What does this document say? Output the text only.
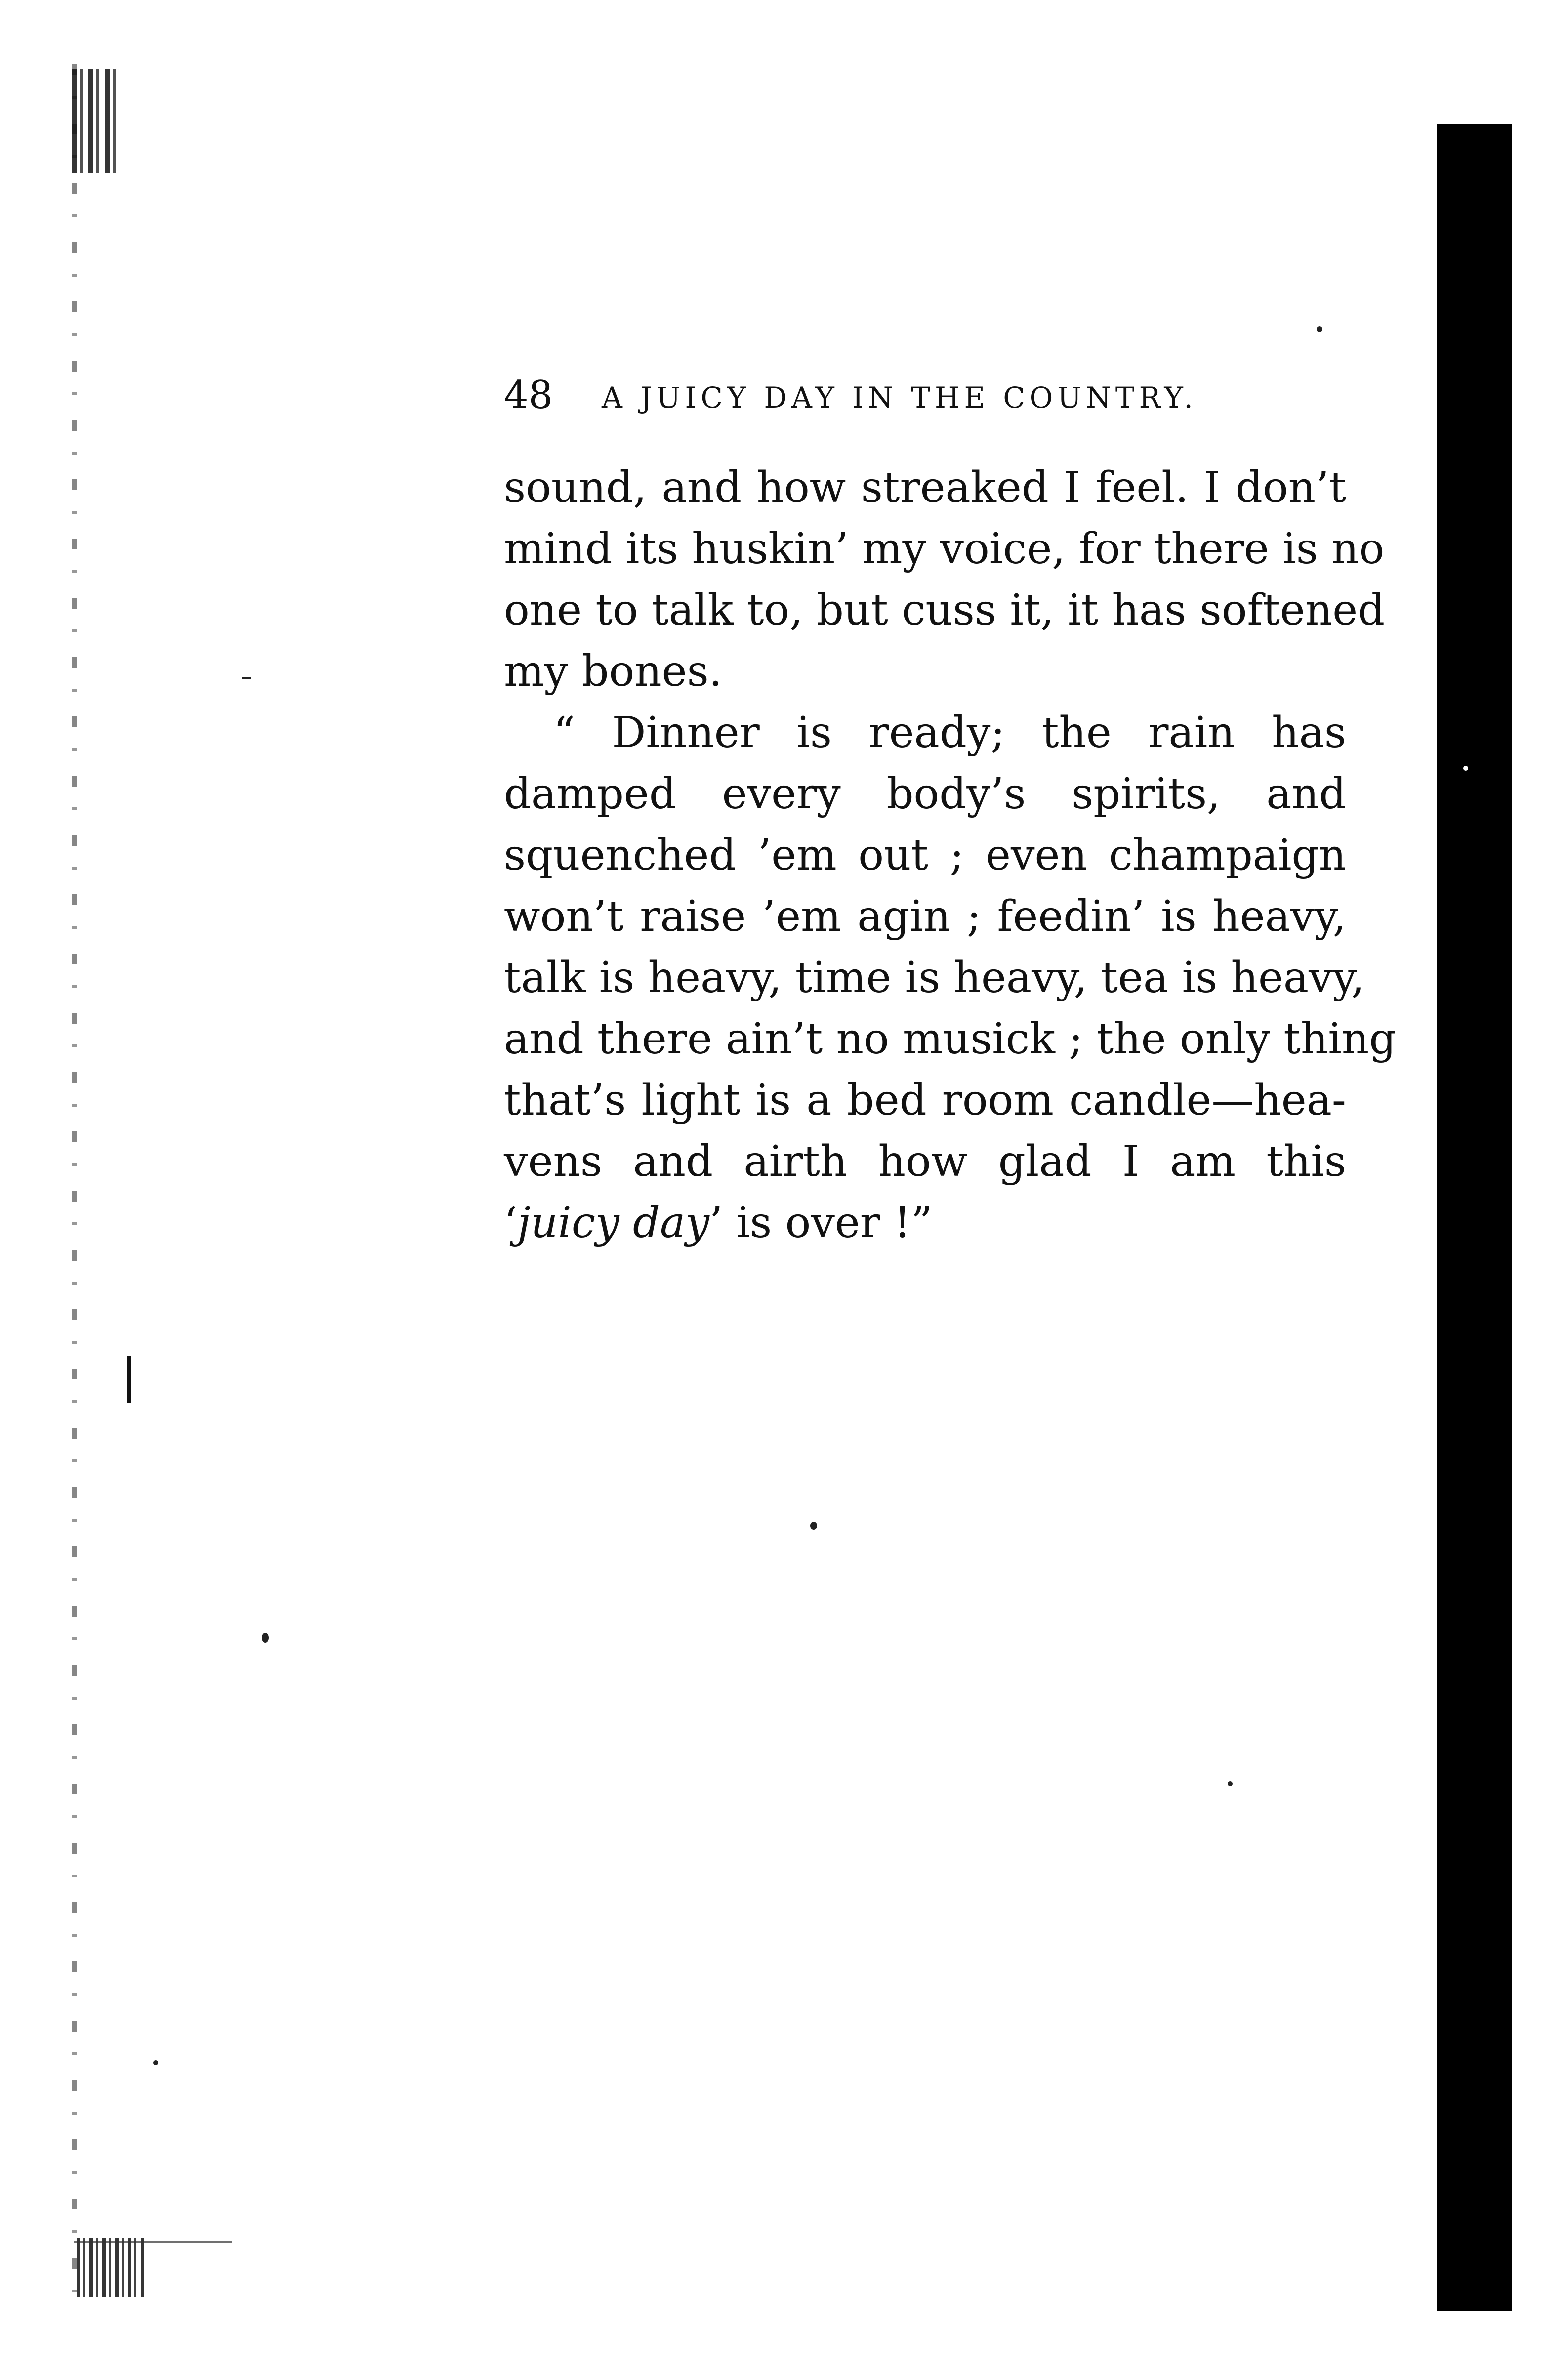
48 A JUICY DAY IN THE COUNTRY.
sound, and how streaked I feel. I don’t
mind its huskin’ my voice, for there is no
one to talk to, but cuss it, it has softened
my bones.
“ Dinner is ready; the rain has
damped every body’s spirits, and
squenched ’em out ; even champaign
won’t raise ’em agin ; feedin’ is heavy,
talk is heavy, time is heavy, tea is heavy,
and there ain’t no musick ; the only thing
that’s light is a bed room candle—hea-
vens and airth how glad I am this
‘juicy day’ is over !”
